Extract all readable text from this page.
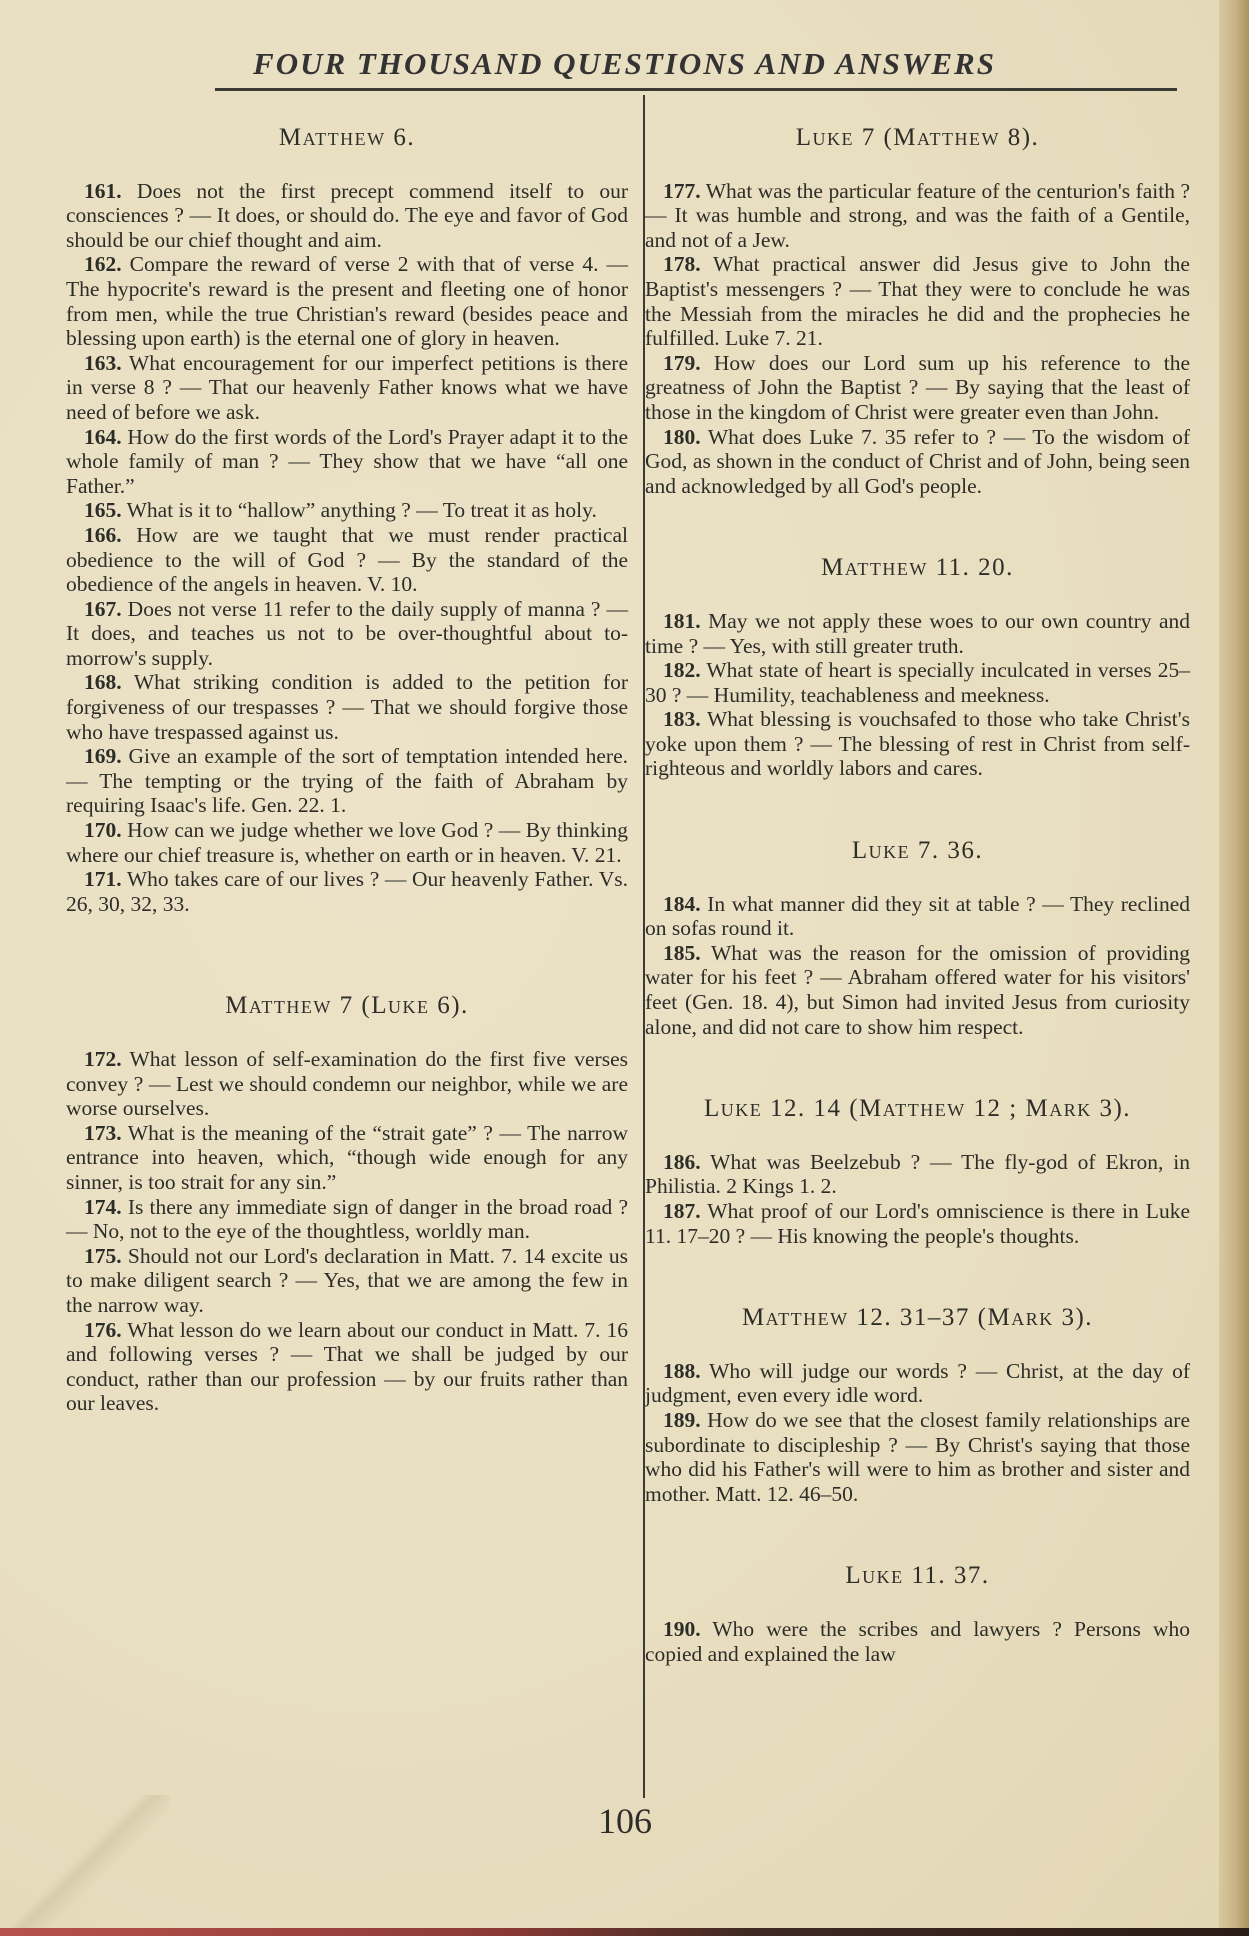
FOUR THOUSAND QUESTIONS AND ANSWERS
Matthew 6.

161. Does not the first precept commend itself to our consciences ? — It does, or should do. The eye and favor of God should be our chief thought and aim.

162. Compare the reward of verse 2 with that of verse 4. — The hypocrite's reward is the present and fleeting one of honor from men, while the true Christian's reward (besides peace and blessing upon earth) is the eternal one of glory in heaven.

163. What encouragement for our imperfect petitions is there in verse 8 ? — That our heavenly Father knows what we have need of before we ask.

164. How do the first words of the Lord's Prayer adapt it to the whole family of man ? — They show that we have “all one Father.”

165. What is it to “hallow” anything ? — To treat it as holy.

166. How are we taught that we must render practical obedience to the will of God ? — By the standard of the obedience of the angels in heaven. V. 10.

167. Does not verse 11 refer to the daily supply of manna ? — It does, and teaches us not to be over-thoughtful about to-morrow's supply.

168. What striking condition is added to the petition for forgiveness of our trespasses ? — That we should forgive those who have trespassed against us.

169. Give an example of the sort of temptation intended here. — The tempting or the trying of the faith of Abraham by requiring Isaac's life. Gen. 22. 1.

170. How can we judge whether we love God ? — By thinking where our chief treasure is, whether on earth or in heaven. V. 21.

171. Who takes care of our lives ? — Our heavenly Father. Vs. 26, 30, 32, 33.

Matthew 7 (Luke 6).

172. What lesson of self-examination do the first five verses convey ? — Lest we should condemn our neighbor, while we are worse ourselves.

173. What is the meaning of the “strait gate” ? — The narrow entrance into heaven, which, “though wide enough for any sinner, is too strait for any sin.”

174. Is there any immediate sign of danger in the broad road ? — No, not to the eye of the thoughtless, worldly man.

175. Should not our Lord's declaration in Matt. 7. 14 excite us to make diligent search ? — Yes, that we are among the few in the narrow way.

176. What lesson do we learn about our conduct in Matt. 7. 16 and following verses ? — That we shall be judged by our conduct, rather than our profession — by our fruits rather than our leaves.

Luke 7 (Matthew 8).

177. What was the particular feature of the centurion's faith ? — It was humble and strong, and was the faith of a Gentile, and not of a Jew.

178. What practical answer did Jesus give to John the Baptist's messengers ? — That they were to conclude he was the Messiah from the miracles he did and the prophecies he fulfilled. Luke 7. 21.

179. How does our Lord sum up his reference to the greatness of John the Baptist ? — By saying that the least of those in the kingdom of Christ were greater even than John.

180. What does Luke 7. 35 refer to ? — To the wisdom of God, as shown in the conduct of Christ and of John, being seen and acknowledged by all God's people.

Matthew 11. 20.

181. May we not apply these woes to our own country and time ? — Yes, with still greater truth.

182. What state of heart is specially inculcated in verses 25–30 ? — Humility, teachableness and meekness.

183. What blessing is vouchsafed to those who take Christ's yoke upon them ? — The blessing of rest in Christ from self-righteous and worldly labors and cares.

Luke 7. 36.

184. In what manner did they sit at table ? — They reclined on sofas round it.

185. What was the reason for the omission of providing water for his feet ? — Abraham offered water for his visitors' feet (Gen. 18. 4), but Simon had invited Jesus from curiosity alone, and did not care to show him respect.

Luke 12. 14 (Matthew 12 ; Mark 3).

186. What was Beelzebub ? — The fly-god of Ekron, in Philistia. 2 Kings 1. 2.

187. What proof of our Lord's omniscience is there in Luke 11. 17–20 ? — His knowing the people's thoughts.

Matthew 12. 31–37 (Mark 3).

188. Who will judge our words ? — Christ, at the day of judgment, even every idle word.

189. How do we see that the closest family relationships are subordinate to discipleship ? — By Christ's saying that those who did his Father's will were to him as brother and sister and mother. Matt. 12. 46–50.

Luke 11. 37.

190. Who were the scribes and lawyers ? Persons who copied and explained the law

106
